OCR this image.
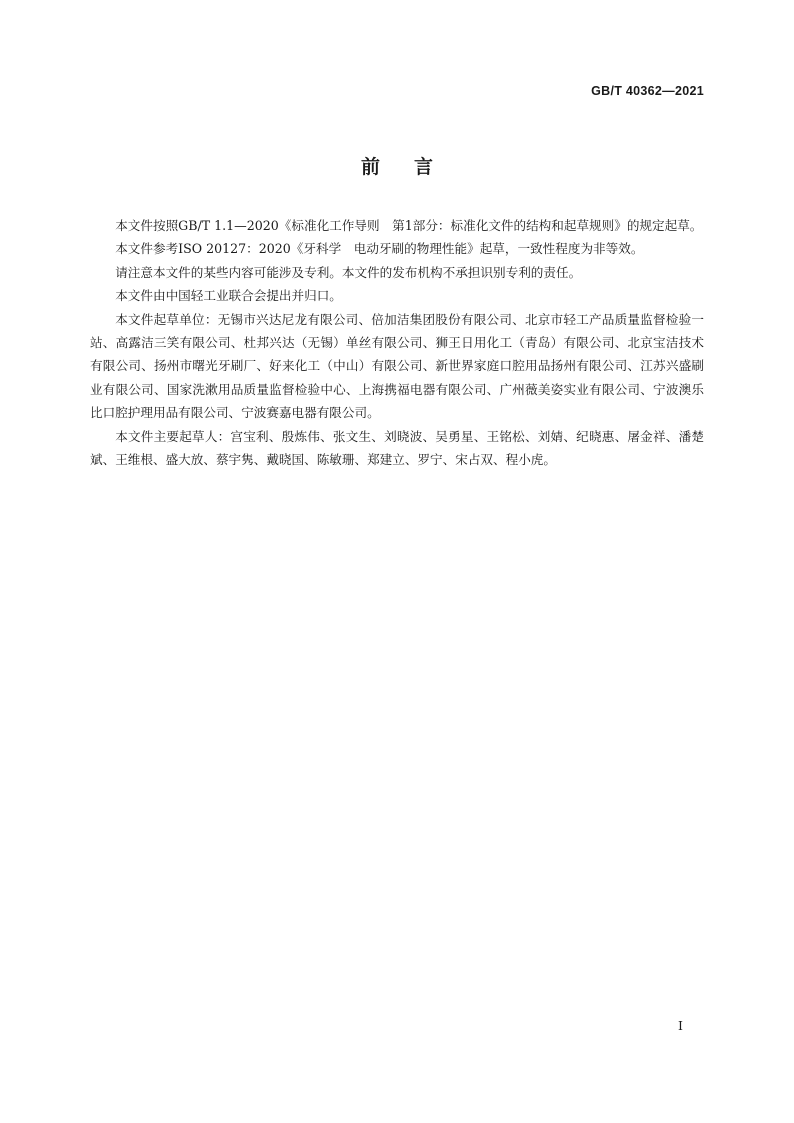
GB/T 40362—2021
前言

本文件按照GB/T 1.1—2020《标准化工作导则　第1部分：标准化文件的结构和起草规则》的规定起草。

本文件参考ISO 20127：2020《牙科学　电动牙刷的物理性能》起草，一致性程度为非等效。

请注意本文件的某些内容可能涉及专利。本文件的发布机构不承担识别专利的责任。

本文件由中国轻工业联合会提出并归口。

本文件起草单位：无锡市兴达尼龙有限公司、倍加洁集团股份有限公司、北京市轻工产品质量监督检验一站、高露洁三笑有限公司、杜邦兴达（无锡）单丝有限公司、狮王日用化工（青岛）有限公司、北京宝洁技术有限公司、扬州市曙光牙刷厂、好来化工（中山）有限公司、新世界家庭口腔用品扬州有限公司、江苏兴盛刷业有限公司、国家洗漱用品质量监督检验中心、上海携福电器有限公司、广州薇美姿实业有限公司、宁波澳乐比口腔护理用品有限公司、宁波赛嘉电器有限公司。

本文件主要起草人：宫宝利、殷炼伟、张文生、刘晓波、吴勇星、王铭松、刘婧、纪晓惠、屠金祥、潘楚斌、王维根、盛大放、蔡宇隽、戴晓国、陈敏珊、郑建立、罗宁、宋占双、程小虎。

I
